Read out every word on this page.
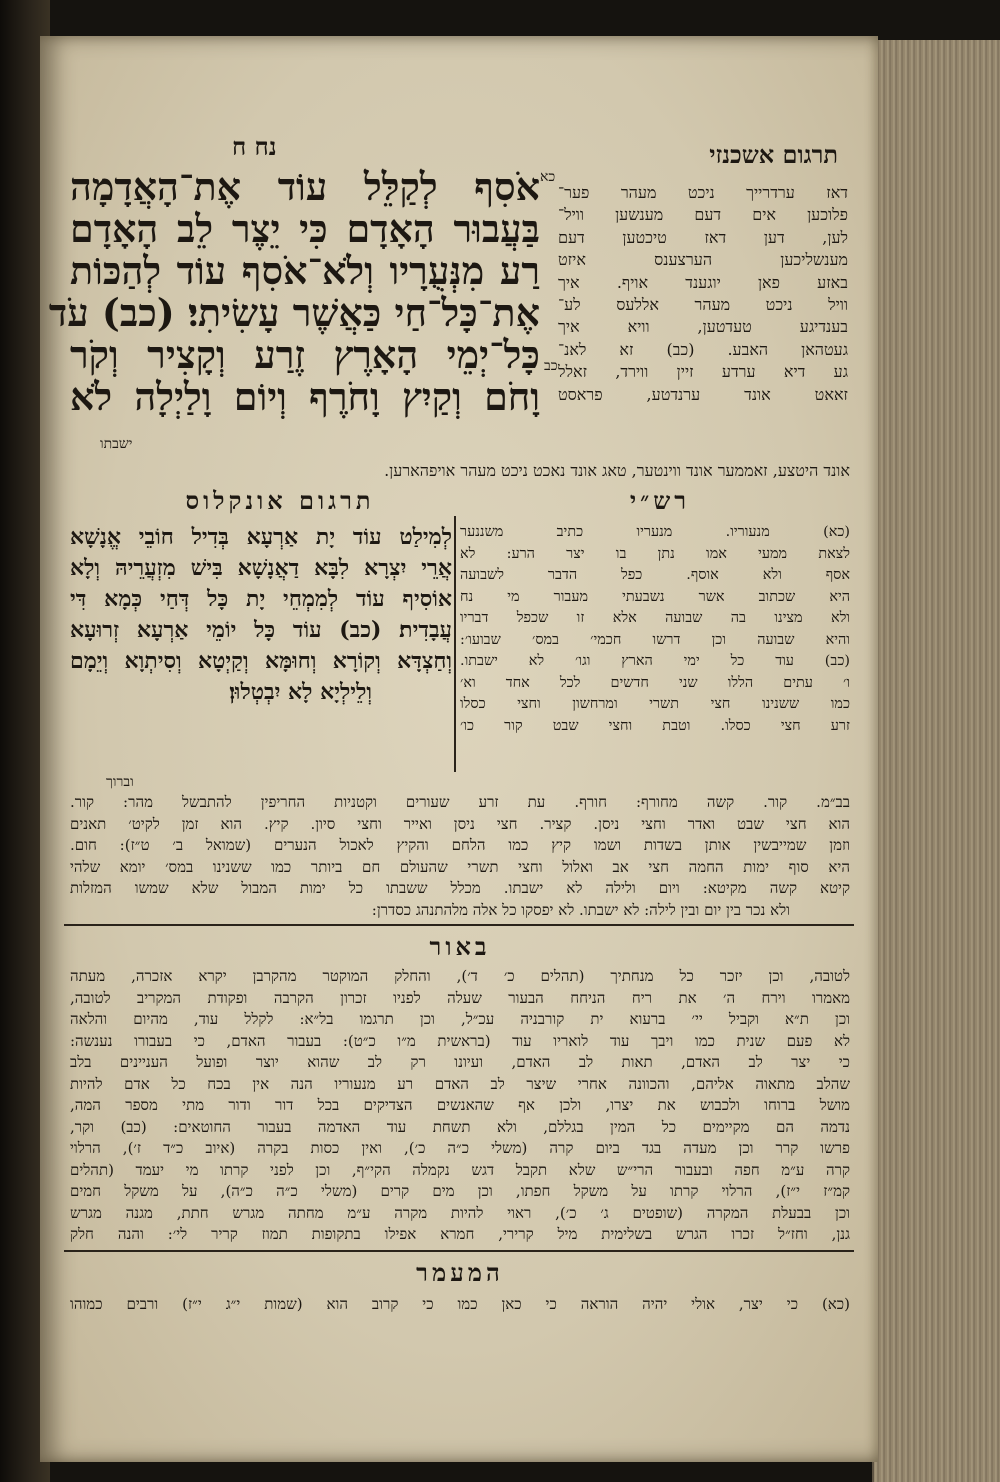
נח ח	תרגום אשכנזי
אֹסִף לְקַלֵּל עוֹד אֶת־הָאֲדָמָה
בַּעֲבוּר הָאָדָם כִּי יֵצֶר לֵב הָאָדָם
רַע מִנְּעֻרָיו וְלֹא־אֹסִף עוֹד לְהַכּוֹת
אֶת־כָּל־חַי כַּאֲשֶׁר עָשִׂיתִי׃ (כב) עֹד
כָּל־יְמֵי הָאָרֶץ זֶרַע וְקָצִיר וְקֹר
וָחֹם וְקַיִץ וָחֹרֶף וְיוֹם וָלַיְלָה לֹא
ישבתו
כא
כב
דאז ערדרייך ניכט מעהר פער־
פלוכען אים דעם מענשען וויל־
לען, דען דאז טיכטען דעם
מענשליכען הערצענס איזט
באזע פאן יוגענד אויף. איך
וויל ניכט מעהר אללעס לע־
בענדיגע טעדטען, וויא איך
געטהאן האבע. (כב) זא לאנ־
גע דיא ערדע זיין ווירד, זאלל
זאאט אונד ערנדטע, פראסט
אונד היטצע, זאממער אונד ווינטער, טאג אונד נאכט ניכט מעהר אויפהארען.
תרגום אונקלוס	רש״י
לְמִילַט עוֹד יָת אַרְעָא בְּדִיל חוֹבֵי אֱנָשָׁא
אֲרֵי יִצְרָא לִבָּא דַאֲנָשָׁא בִּישׁ מִזְעֲרֵיהּ וְלָא
אוֹסִיף עוֹד לְמִמְחֵי יָת כָּל דְּחַי כְּמָא דִּי
עֲבָדִית׃ (כב) עוֹד כָּל יוֹמֵי אַרְעָא זְרוּעָא
וְחַצְדָּא וְקוֹרָא וְחוּמָּא וְקַיְטָא וְסִיתְוָא וְיֵמָם
וְלֵילְיָא לָא יִבְטְלוּן׃
(כא) מנעוריו. מנעריו כתיב משננער
לצאת ממעי אמו נתן בו יצר הרע: לא
אסף ולא אוסף. כפל הדבר לשבועה
היא שכתוב אשר נשבעתי מעבור מי נח
ולא מצינו בה שבועה אלא זו שכפל דבריו
והיא שבועה וכן דרשו חכמי׳ במס׳ שבועו׳:
(כב) עוד כל ימי הארץ וגו׳ לא ישבתו.
ו׳ עתים הללו שני חדשים לכל אחד וא׳
כמו ששנינו חצי תשרי ומרחשון וחצי כסלו
זרע חצי כסלו. וטבת וחצי שבט קור כו׳
וברוך
בב״מ. קור. קשה מחורף: חורף. עת זרע שעורים וקטניות החריפין להתבשל מהר: קור.
הוא חצי שבט ואדר וחצי ניסן. קציר. חצי ניסן ואייר וחצי סיון. קיץ. הוא זמן לקיט׳ תאנים
וזמן שמייבשין אותן בשדות ושמו קיץ כמו הלחם והקיץ לאכול הנערים (שמואל ב׳ ט״ז): חום.
היא סוף ימות החמה חצי אב ואלול וחצי תשרי שהעולם חם ביותר כמו ששנינו במס׳ יומא שלהי
קיטא קשה מקיטא: ויום ולילה לא ישבתו. מכלל ששבתו כל ימות המבול שלא שמשו המזלות
ולא נכר בין יום ובין לילה: לא ישבתו. לא יפסקו כל אלה מלהתנהג כסדרן:
באור
לטובה, וכן יזכר כל מנחתיך (תהלים כ׳ ד׳), והחלק המוקטר מהקרבן יקרא אזכרה, מעתה
מאמרו וירח ה׳ את ריח הניחח הבעור שעלה לפניו זכרון הקרבה ופקודת המקריב לטובה,
וכן ת״א וקביל יי׳ ברעוא ית קורבניה עכ״ל, וכן תרגמו בל״א: לקלל עוד, מהיום והלאה
לא פעם שנית כמו ויבך עוד לואריו עוד (בראשית מ״ו כ״ט): בעבור האדם, כי בעבורו נענשה:
כי יצר לב האדם, תאות לב האדם, ועיונו רק לב שהוא יוצר ופועל העניינים בלב
שהלב מתאוה אליהם, והכוונה אחרי שיצר לב האדם רע מנעוריו הנה אין בכח כל אדם להיות
מושל ברוחו ולכבוש את יצרו, ולכן אף שהאנשים הצדיקים בכל דור ודור מתי מספר המה,
נדמה הם מקיימים כל המין בגללם, ולא תשחת עוד האדמה בעבור החוטאים: (כב) וקר,
פרשו קרר וכן מעדה בגד ביום קרה (משלי כ״ה כ׳), ואין כסות בקרה (איוב כ״ד ז׳), הרלוי
קרה ע״מ חפה ובעבור הרי״ש שלא תקבל דגש נקמלה הקי״ף, וכן לפני קרתו מי יעמד (תהלים
קמ״ז י״ז), הרלוי קרתו על משקל חפתו, וכן מים קרים (משלי כ״ה כ״ה), על משקל חמים
וכן בבעלת המקרה (שופטים ג׳ כ׳), ראוי להיות מקרה ע״מ מחתה מגרש חתת, מגנה מגרש
גנן, וחז״ל זכרו הגרש בשלימית מיל קרירי, חמרא אפילו בתקופות תמוז קריר לי׳: והנה חלק
המעמר
(כא) כי יצר, אולי יהיה הוראה כי כאן כמו כי קרוב הוא (שמות י״ג י״ז) ורבים כמוהו
